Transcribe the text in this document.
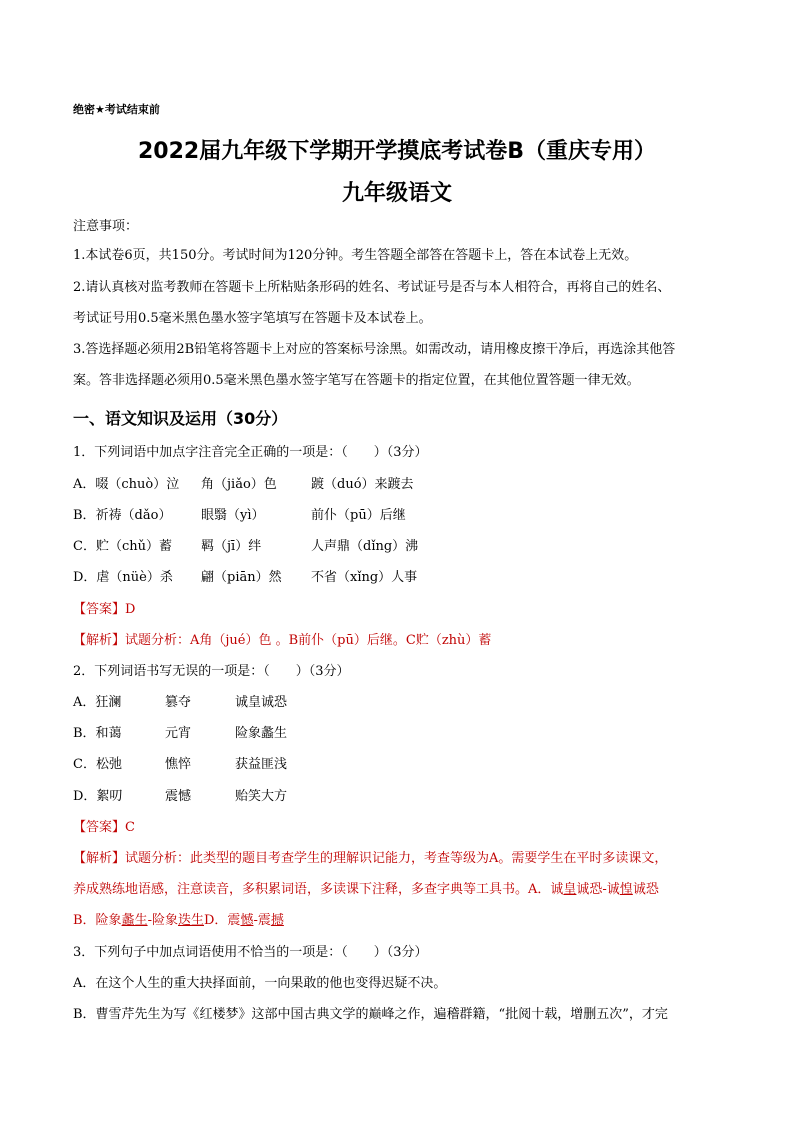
绝密★考试结束前
2022届九年级下学期开学摸底考试卷B（重庆专用）
九年级语文
注意事项：
1.本试卷6页，共150分。考试时间为120分钟。考生答题全部答在答题卡上，答在本试卷上无效。
2.请认真核对监考教师在答题卡上所粘贴条形码的姓名、考试证号是否与本人相符合，再将自己的姓名、
考试证号用0.5毫米黑色墨水签字笔填写在答题卡及本试卷上。
3.答选择题必须用2B铅笔将答题卡上对应的答案标号涂黑。如需改动，请用橡皮擦干净后，再选涂其他答
案。答非选择题必须用0.5毫米黑色墨水签字笔写在答题卡的指定位置，在其他位置答题一律无效。
一、语文知识及运用（30分）
1．下列词语中加点字注音完全正确的一项是：（　　）（3分）
A．啜（chuò）泣 角（jiǎo）色	踱（duó）来踱去
B．祈祷（dǎo） 眼翳（yì）	前仆（pū）后继
C．贮（chǔ）蓄 羁（jī）绊	人声鼎（dǐng）沸
D．虐（nüè）杀 翩（piān）然 不省（xǐng）人事
【答案】D
【解析】试题分析：A角（jué）色 。B前仆（pū）后继。C贮（zhù）蓄
2．下列词语书写无误的一项是：（　　）（3分）
A．狂澜	篡夺	诚皇诚恐
B．和蔼	元宵	险象蠡生
C．松弛	憔悴	获益匪浅
D．絮叨	震憾	贻笑大方
【答案】C
【解析】试题分析：此类型的题目考查学生的理解识记能力，考查等级为A。需要学生在平时多读课文，
养成熟练地语感，注意读音，多积累词语，多读课下注释，多查字典等工具书。A．诚皇诚恐-诚惶诚恐
B．险象蠡生-险象迭生D．震憾-震撼
3．下列句子中加点词语使用不恰当的一项是：（　　）（3分）
A．在这个人生的重大抉择面前，一向果敢的他也变得迟疑不决。
B．曹雪芹先生为写《红楼梦》这部中国古典文学的巅峰之作，遍稽群籍，“批阅十载，增删五次”，才完
